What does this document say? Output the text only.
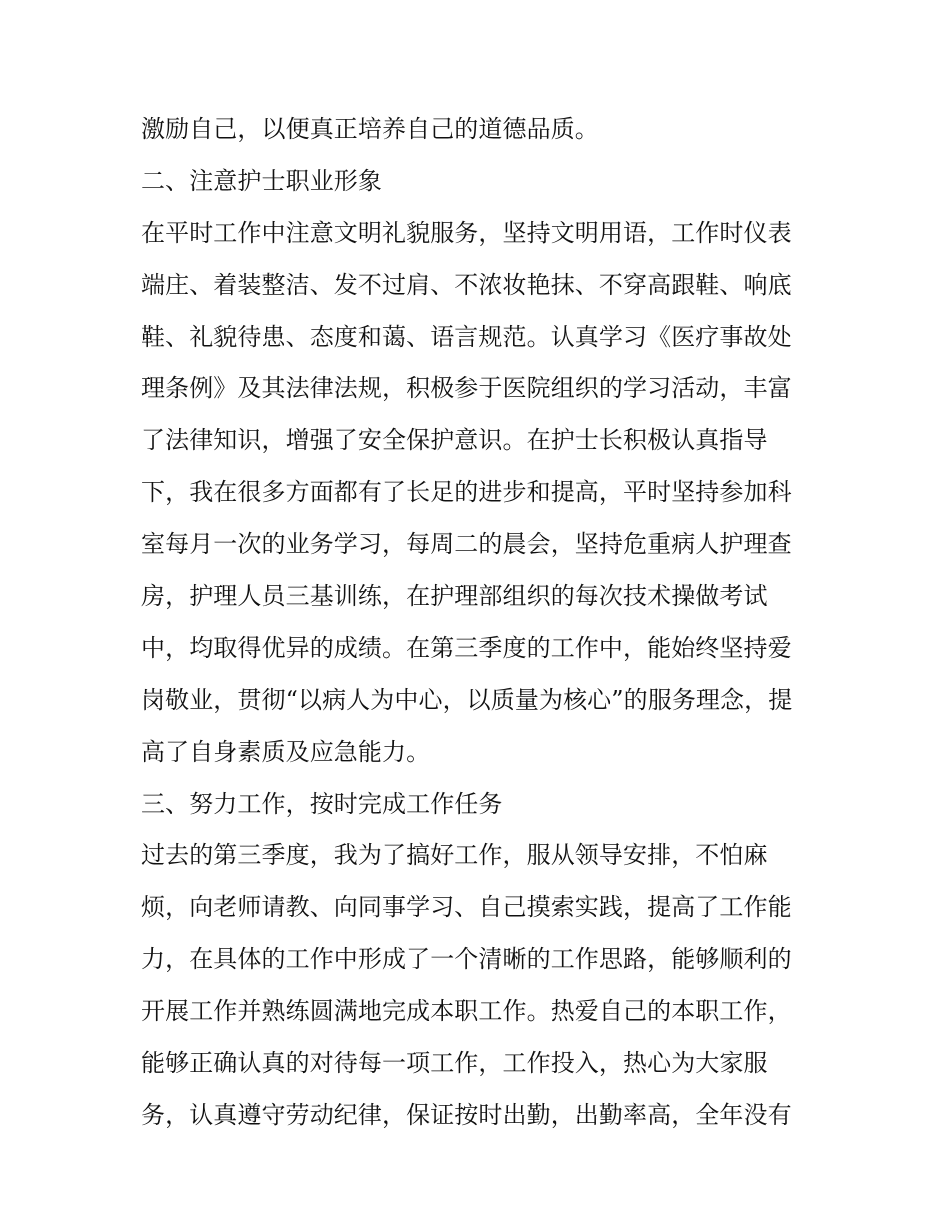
激励自己，以便真正培养自己的道德品质。

二、注意护士职业形象

在平时工作中注意文明礼貌服务，坚持文明用语，工作时仪表

端庄、着装整洁、发不过肩、不浓妆艳抹、不穿高跟鞋、响底

鞋、礼貌待患、态度和蔼、语言规范。认真学习《医疗事故处

理条例》及其法律法规，积极参于医院组织的学习活动，丰富

了法律知识，增强了安全保护意识。在护士长积极认真指导

下，我在很多方面都有了长足的进步和提高，平时坚持参加科

室每月一次的业务学习，每周二的晨会，坚持危重病人护理查

房，护理人员三基训练，在护理部组织的每次技术操做考试

中，均取得优异的成绩。在第三季度的工作中，能始终坚持爱

岗敬业，贯彻“以病人为中心，以质量为核心”的服务理念，提

高了自身素质及应急能力。

三、努力工作，按时完成工作任务

过去的第三季度，我为了搞好工作，服从领导安排，不怕麻

烦，向老师请教、向同事学习、自己摸索实践，提高了工作能

力，在具体的工作中形成了一个清晰的工作思路，能够顺利的

开展工作并熟练圆满地完成本职工作。热爱自己的本职工作，

能够正确认真的对待每一项工作，工作投入，热心为大家服

务，认真遵守劳动纪律，保证按时出勤，出勤率高，全年没有
